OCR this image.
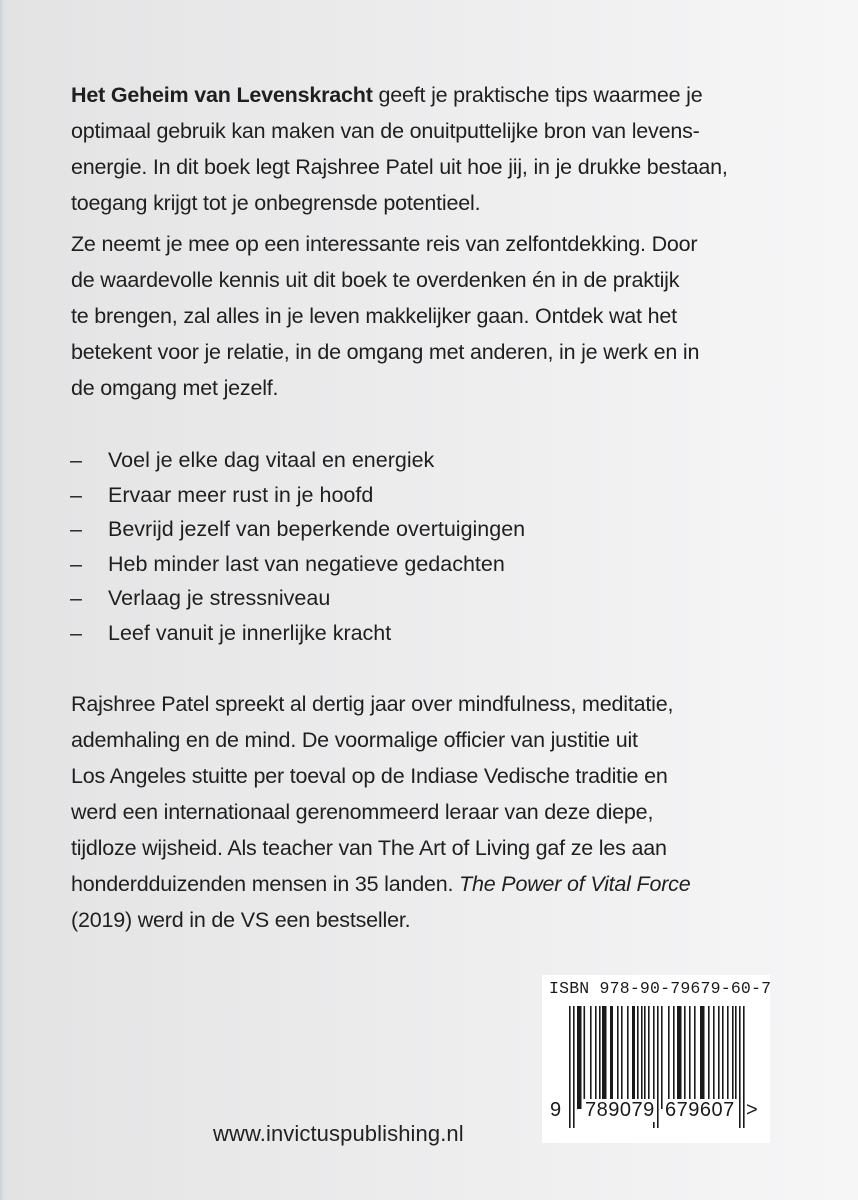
Het Geheim van Levenskracht geeft je praktische tips waarmee je
optimaal gebruik kan maken van de onuitputtelijke bron van levens-
energie. In dit boek legt Rajshree Patel uit hoe jij, in je drukke bestaan,
toegang krijgt tot je onbegrensde potentieel.

Ze neemt je mee op een interessante reis van zelfontdekking. Door
de waardevolle kennis uit dit boek te overdenken én in de praktijk
te brengen, zal alles in je leven makkelijker gaan. Ontdek wat het
betekent voor je relatie, in de omgang met anderen, in je werk en in
de omgang met jezelf.

– Voel je elke dag vitaal en energiek
– Ervaar meer rust in je hoofd
– Bevrijd jezelf van beperkende overtuigingen
– Heb minder last van negatieve gedachten
– Verlaag je stressniveau
– Leef vanuit je innerlijke kracht

Rajshree Patel spreekt al dertig jaar over mindfulness, meditatie,
ademhaling en de mind. De voormalige officier van justitie uit
Los Angeles stuitte per toeval op de Indiase Vedische traditie en
werd een internationaal gerenommeerd leraar van deze diepe,
tijdloze wijsheid. Als teacher van The Art of Living gaf ze les aan
honderdduizenden mensen in 35 landen. The Power of Vital Force
(2019) werd in de VS een bestseller.

ISBN 978-90-79679-60-7
9 789079 679607 >
www.invictuspublishing.nl
